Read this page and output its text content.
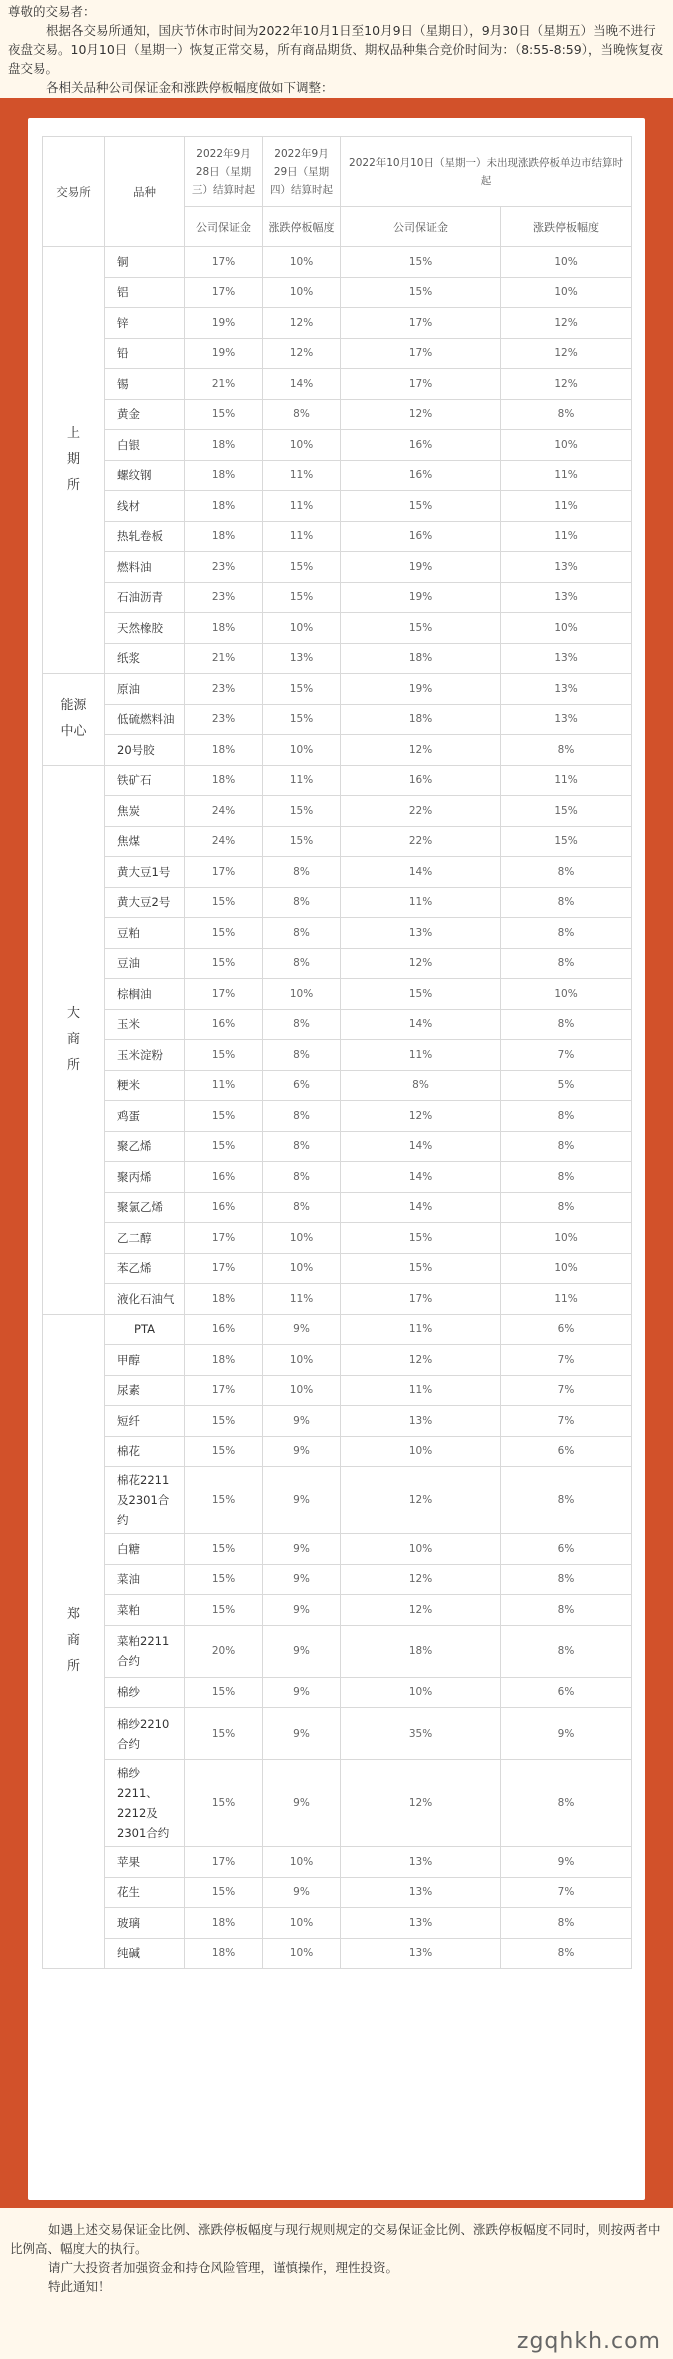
尊敬的交易者：

根据各交易所通知，国庆节休市时间为2022年10月1日至10月9日（星期日），9月30日（星期五）当晚不进行夜盘交易。10月10日（星期一）恢复正常交易，所有商品期货、期权品种集合竞价时间为：（8:55-8:59），当晚恢复夜盘交易。

各相关品种公司保证金和涨跌停板幅度做如下调整：

交易所	品种	2022年9月28日（星期三）结算时起	2022年9月29日（星期四）结算时起	2022年10月10日（星期一）未出现涨跌停板单边市结算时起	
		公司保证金	涨跌停板幅度	公司保证金	涨跌停板幅度
上
期
所	铜	17%	10%	15%	10%
	铝	17%	10%	15%	10%
	锌	19%	12%	17%	12%
	铅	19%	12%	17%	12%
	锡	21%	14%	17%	12%
	黄金	15%	8%	12%	8%
	白银	18%	10%	16%	10%
	螺纹钢	18%	11%	16%	11%
	线材	18%	11%	15%	11%
	热轧卷板	18%	11%	16%	11%
	燃料油	23%	15%	19%	13%
	石油沥青	23%	15%	19%	13%
	天然橡胶	18%	10%	15%	10%
	纸浆	21%	13%	18%	13%
能源
中心	原油	23%	15%	19%	13%
	低硫燃料油	23%	15%	18%	13%
	20号胶	18%	10%	12%	8%
大
商
所	铁矿石	18%	11%	16%	11%
	焦炭	24%	15%	22%	15%
	焦煤	24%	15%	22%	15%
	黄大豆1号	17%	8%	14%	8%
	黄大豆2号	15%	8%	11%	8%
	豆粕	15%	8%	13%	8%
	豆油	15%	8%	12%	8%
	棕榈油	17%	10%	15%	10%
	玉米	16%	8%	14%	8%
	玉米淀粉	15%	8%	11%	7%
	粳米	11%	6%	8%	5%
	鸡蛋	15%	8%	12%	8%
	聚乙烯	15%	8%	14%	8%
	聚丙烯	16%	8%	14%	8%
	聚氯乙烯	16%	8%	14%	8%
	乙二醇	17%	10%	15%	10%
	苯乙烯	17%	10%	15%	10%
	液化石油气	18%	11%	17%	11%
郑
商
所	PTA	16%	9%	11%	6%
	甲醇	18%	10%	12%	7%
	尿素	17%	10%	11%	7%
	短纤	15%	9%	13%	7%
	棉花	15%	9%	10%	6%
	棉花2211及2301合约	15%	9%	12%	8%
	白糖	15%	9%	10%	6%
	菜油	15%	9%	12%	8%
	菜粕	15%	9%	12%	8%
	菜粕2211合约	20%	9%	18%	8%
	棉纱	15%	9%	10%	6%
	棉纱2210合约	15%	9%	35%	9%
	棉纱2211、2212及2301合约	15%	9%	12%	8%
	苹果	17%	10%	13%	9%
	花生	15%	9%	13%	7%
	玻璃	18%	10%	13%	8%
	纯碱	18%	10%	13%	8%

如遇上述交易保证金比例、涨跌停板幅度与现行规则规定的交易保证金比例、涨跌停板幅度不同时，则按两者中比例高、幅度大的执行。

请广大投资者加强资金和持仓风险管理，谨慎操作，理性投资。

特此通知！

zgqhkh.com
